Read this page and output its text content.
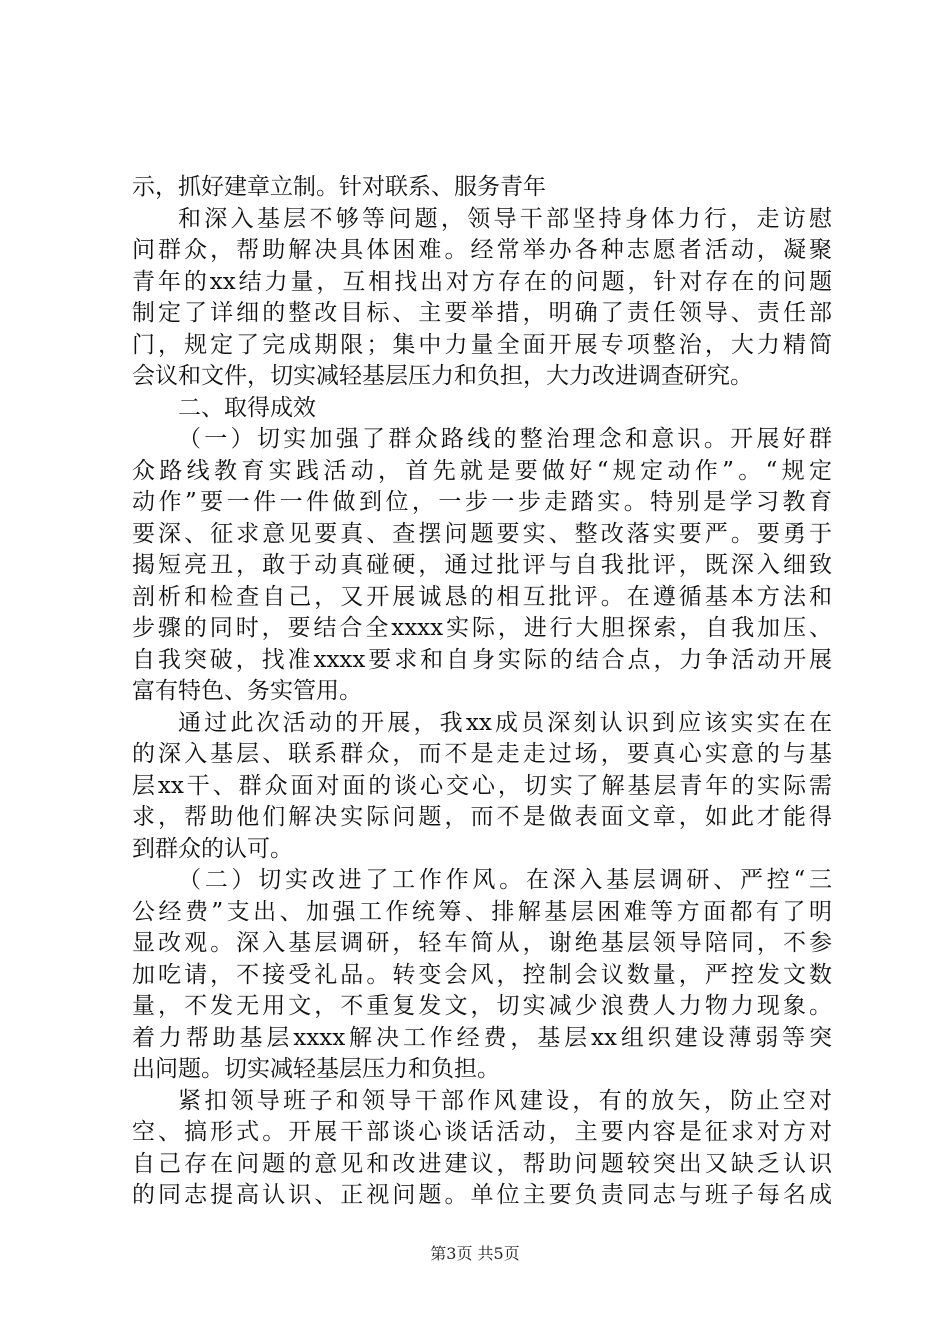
示，抓好建章立制。针对联系、服务青年
和深入基层不够等问题，领导干部坚持身体力行，走访慰
问群众，帮助解决具体困难。经常举办各种志愿者活动，凝聚
青年的xx结力量，互相找出对方存在的问题，针对存在的问题
制定了详细的整改目标、主要举措，明确了责任领导、责任部
门，规定了完成期限；集中力量全面开展专项整治，大力精简
会议和文件，切实减轻基层压力和负担，大力改进调查研究。
二、取得成效
（一）切实加强了群众路线的整治理念和意识。开展好群
众路线教育实践活动，首先就是要做好“规定动作”。“规定
动作”要一件一件做到位，一步一步走踏实。特别是学习教育
要深、征求意见要真、查摆问题要实、整改落实要严。要勇于
揭短亮丑，敢于动真碰硬，通过批评与自我批评，既深入细致
剖析和检查自己，又开展诚恳的相互批评。在遵循基本方法和
步骤的同时，要结合全xxxx实际，进行大胆探索，自我加压、
自我突破，找准xxxx要求和自身实际的结合点，力争活动开展
富有特色、务实管用。
通过此次活动的开展，我xx成员深刻认识到应该实实在在
的深入基层、联系群众，而不是走走过场，要真心实意的与基
层xx干、群众面对面的谈心交心，切实了解基层青年的实际需
求，帮助他们解决实际问题，而不是做表面文章，如此才能得
到群众的认可。
（二）切实改进了工作作风。在深入基层调研、严控“三
公经费”支出、加强工作统筹、排解基层困难等方面都有了明
显改观。深入基层调研，轻车简从，谢绝基层领导陪同，不参
加吃请，不接受礼品。转变会风，控制会议数量，严控发文数
量，不发无用文，不重复发文，切实减少浪费人力物力现象。
着力帮助基层xxxx解决工作经费，基层xx组织建设薄弱等突
出问题。切实减轻基层压力和负担。
紧扣领导班子和领导干部作风建设，有的放矢，防止空对
空、搞形式。开展干部谈心谈话活动，主要内容是征求对方对
自己存在问题的意见和改进建议，帮助问题较突出又缺乏认识
的同志提高认识、正视问题。单位主要负责同志与班子每名成
第3页 共5页
